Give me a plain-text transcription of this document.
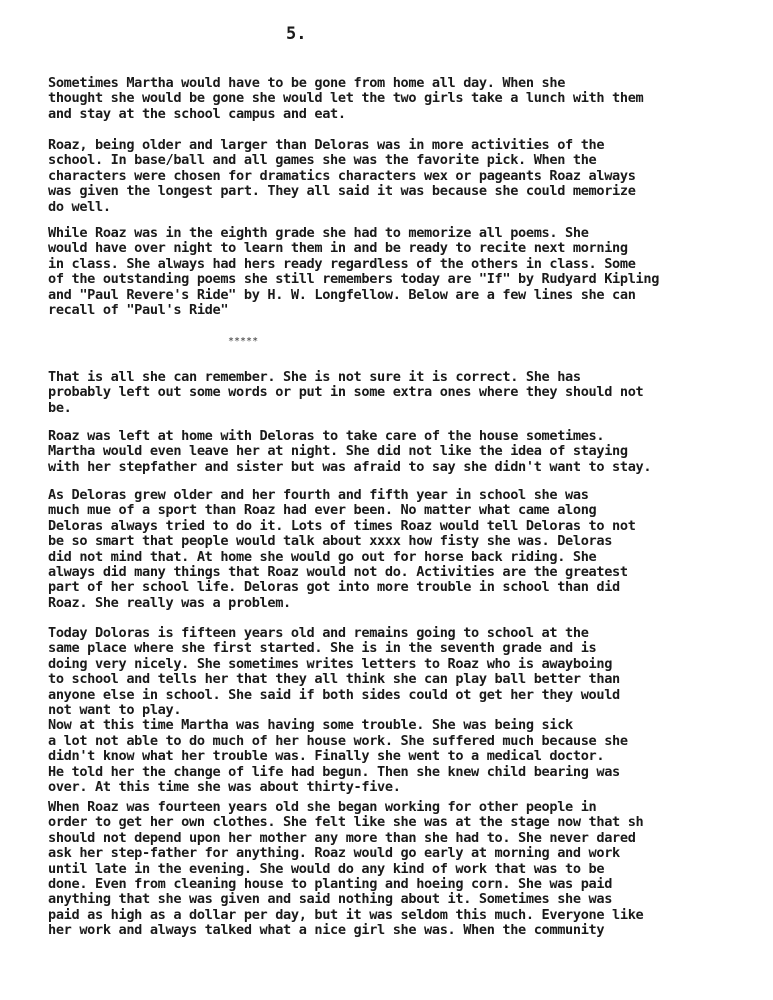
5.
Sometimes Martha would have to be gone from home all day. When she
thought she would be gone she would let the two girls take a lunch with them
and stay at the school campus and eat.
Roaz, being older and larger than Deloras was in more activities of the
school. In base/ball and all games she was the favorite pick. When the
characters were chosen for dramatics characters wex or pageants Roaz always
was given the longest part. They all said it was because she could memorize
do well.
While Roaz was in the eighth grade she had to memorize all poems. She
would have over night to learn them in and be ready to recite next morning
in class. She always had hers ready regardless of the others in class. Some
of the outstanding poems she still remembers today are "If" by Rudyard Kipling
and "Paul Revere's Ride" by H. W. Longfellow. Below are a few lines she can
recall of "Paul's Ride"
*****
That is all she can remember. She is not sure it is correct. She has
probably left out some words or put in some extra ones where they should not
be.
Roaz was left at home with Deloras to take care of the house sometimes.
Martha would even leave her at night. She did not like the idea of staying
with her stepfather and sister but was afraid to say she didn't want to stay.
As Deloras grew older and her fourth and fifth year in school she was
much mue of a sport than Roaz had ever been. No matter what came along
Deloras always tried to do it. Lots of times Roaz would tell Deloras to not
be so smart that people would talk about xxxx how fisty she was. Deloras
did not mind that. At home she would go out for horse back riding. She
always did many things that Roaz would not do. Activities are the greatest
part of her school life. Deloras got into more trouble in school than did
Roaz. She really was a problem.
Today Doloras is fifteen years old and remains going to school at the
same place where she first started. She is in the seventh grade and is
doing very nicely. She sometimes writes letters to Roaz who is awayboing
to school and tells her that they all think she can play ball better than
anyone else in school. She said if both sides could ot get her they would
not want to play.
Now at this time Martha was having some trouble. She was being sick
a lot not able to do much of her house work. She suffered much because she
didn't know what her trouble was. Finally she went to a medical doctor.
He told her the change of life had begun. Then she knew child bearing was
over. At this time she was about thirty-five.
When Roaz was fourteen years old she began working for other people in
order to get her own clothes. She felt like she was at the stage now that sh
should not depend upon her mother any more than she had to. She never dared
ask her step-father for anything. Roaz would go early at morning and work
until late in the evening. She would do any kind of work that was to be
done. Even from cleaning house to planting and hoeing corn. She was paid
anything that she was given and said nothing about it. Sometimes she was
paid as high as a dollar per day, but it was seldom this much. Everyone like
her work and always talked what a nice girl she was. When the community
